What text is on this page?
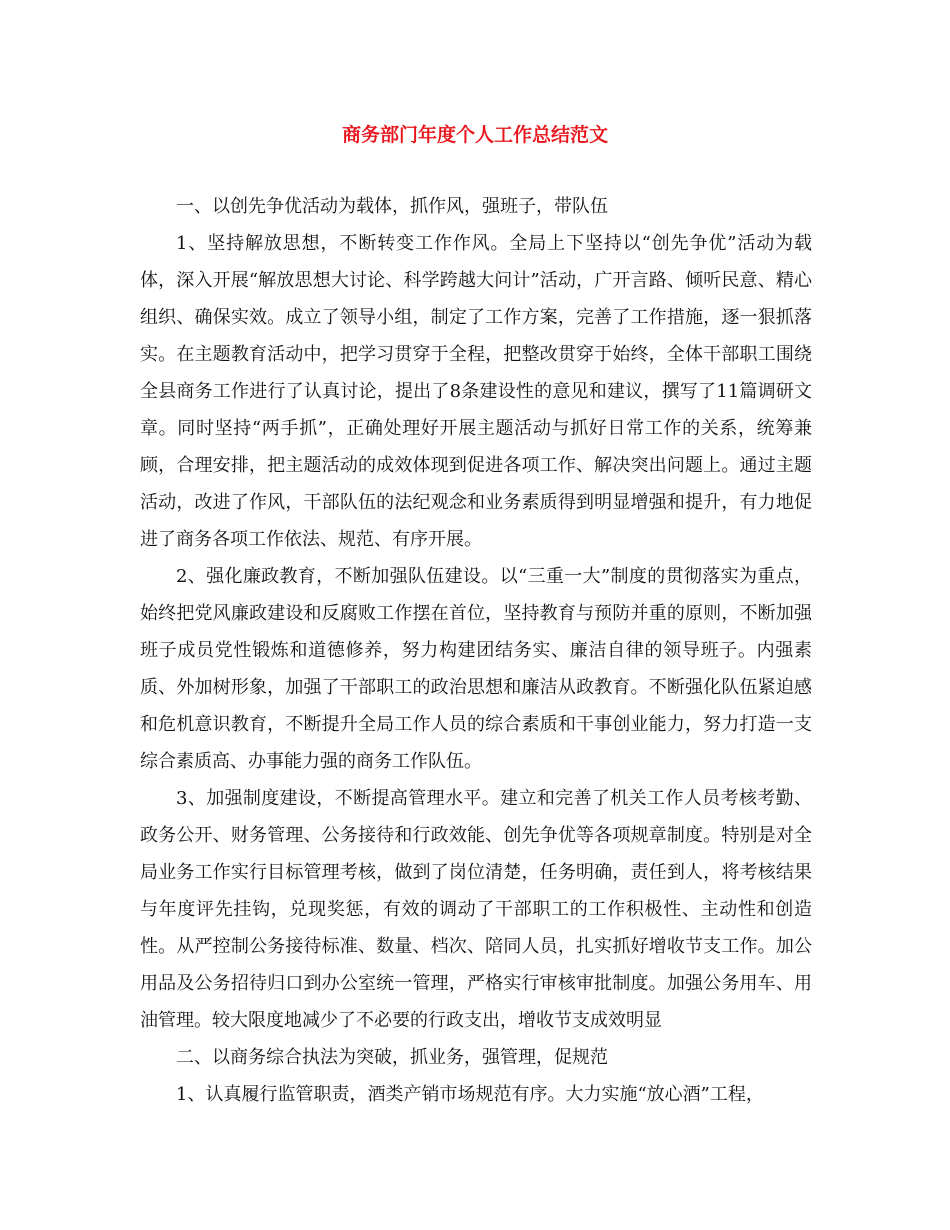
商务部门年度个人工作总结范文

一、以创先争优活动为载体，抓作风，强班子，带队伍

1、坚持解放思想，不断转变工作作风。全局上下坚持以“创先争优”活动为载体，深入开展“解放思想大讨论、科学跨越大问计”活动，广开言路、倾听民意、精心组织、确保实效。成立了领导小组，制定了工作方案，完善了工作措施，逐一狠抓落实。在主题教育活动中，把学习贯穿于全程，把整改贯穿于始终，全体干部职工围绕全县商务工作进行了认真讨论，提出了8条建设性的意见和建议，撰写了11篇调研文章。同时坚持“两手抓”，正确处理好开展主题活动与抓好日常工作的关系，统筹兼顾，合理安排，把主题活动的成效体现到促进各项工作、解决突出问题上。通过主题活动，改进了作风，干部队伍的法纪观念和业务素质得到明显增强和提升，有力地促进了商务各项工作依法、规范、有序开展。

2、强化廉政教育，不断加强队伍建设。以“三重一大”制度的贯彻落实为重点，始终把党风廉政建设和反腐败工作摆在首位，坚持教育与预防并重的原则，不断加强班子成员党性锻炼和道德修养，努力构建团结务实、廉洁自律的领导班子。内强素质、外加树形象，加强了干部职工的政治思想和廉洁从政教育。不断强化队伍紧迫感和危机意识教育，不断提升全局工作人员的综合素质和干事创业能力，努力打造一支综合素质高、办事能力强的商务工作队伍。

3、加强制度建设，不断提高管理水平。建立和完善了机关工作人员考核考勤、政务公开、财务管理、公务接待和行政效能、创先争优等各项规章制度。特别是对全局业务工作实行目标管理考核，做到了岗位清楚，任务明确，责任到人，将考核结果与年度评先挂钩，兑现奖惩，有效的调动了干部职工的工作积极性、主动性和创造性。从严控制公务接待标准、数量、档次、陪同人员，扎实抓好增收节支工作。加公用品及公务招待归口到办公室统一管理，严格实行审核审批制度。加强公务用车、用油管理。较大限度地减少了不必要的行政支出，增收节支成效明显

二、以商务综合执法为突破，抓业务，强管理，促规范

1、认真履行监管职责，酒类产销市场规范有序。大力实施“放心酒”工程，
